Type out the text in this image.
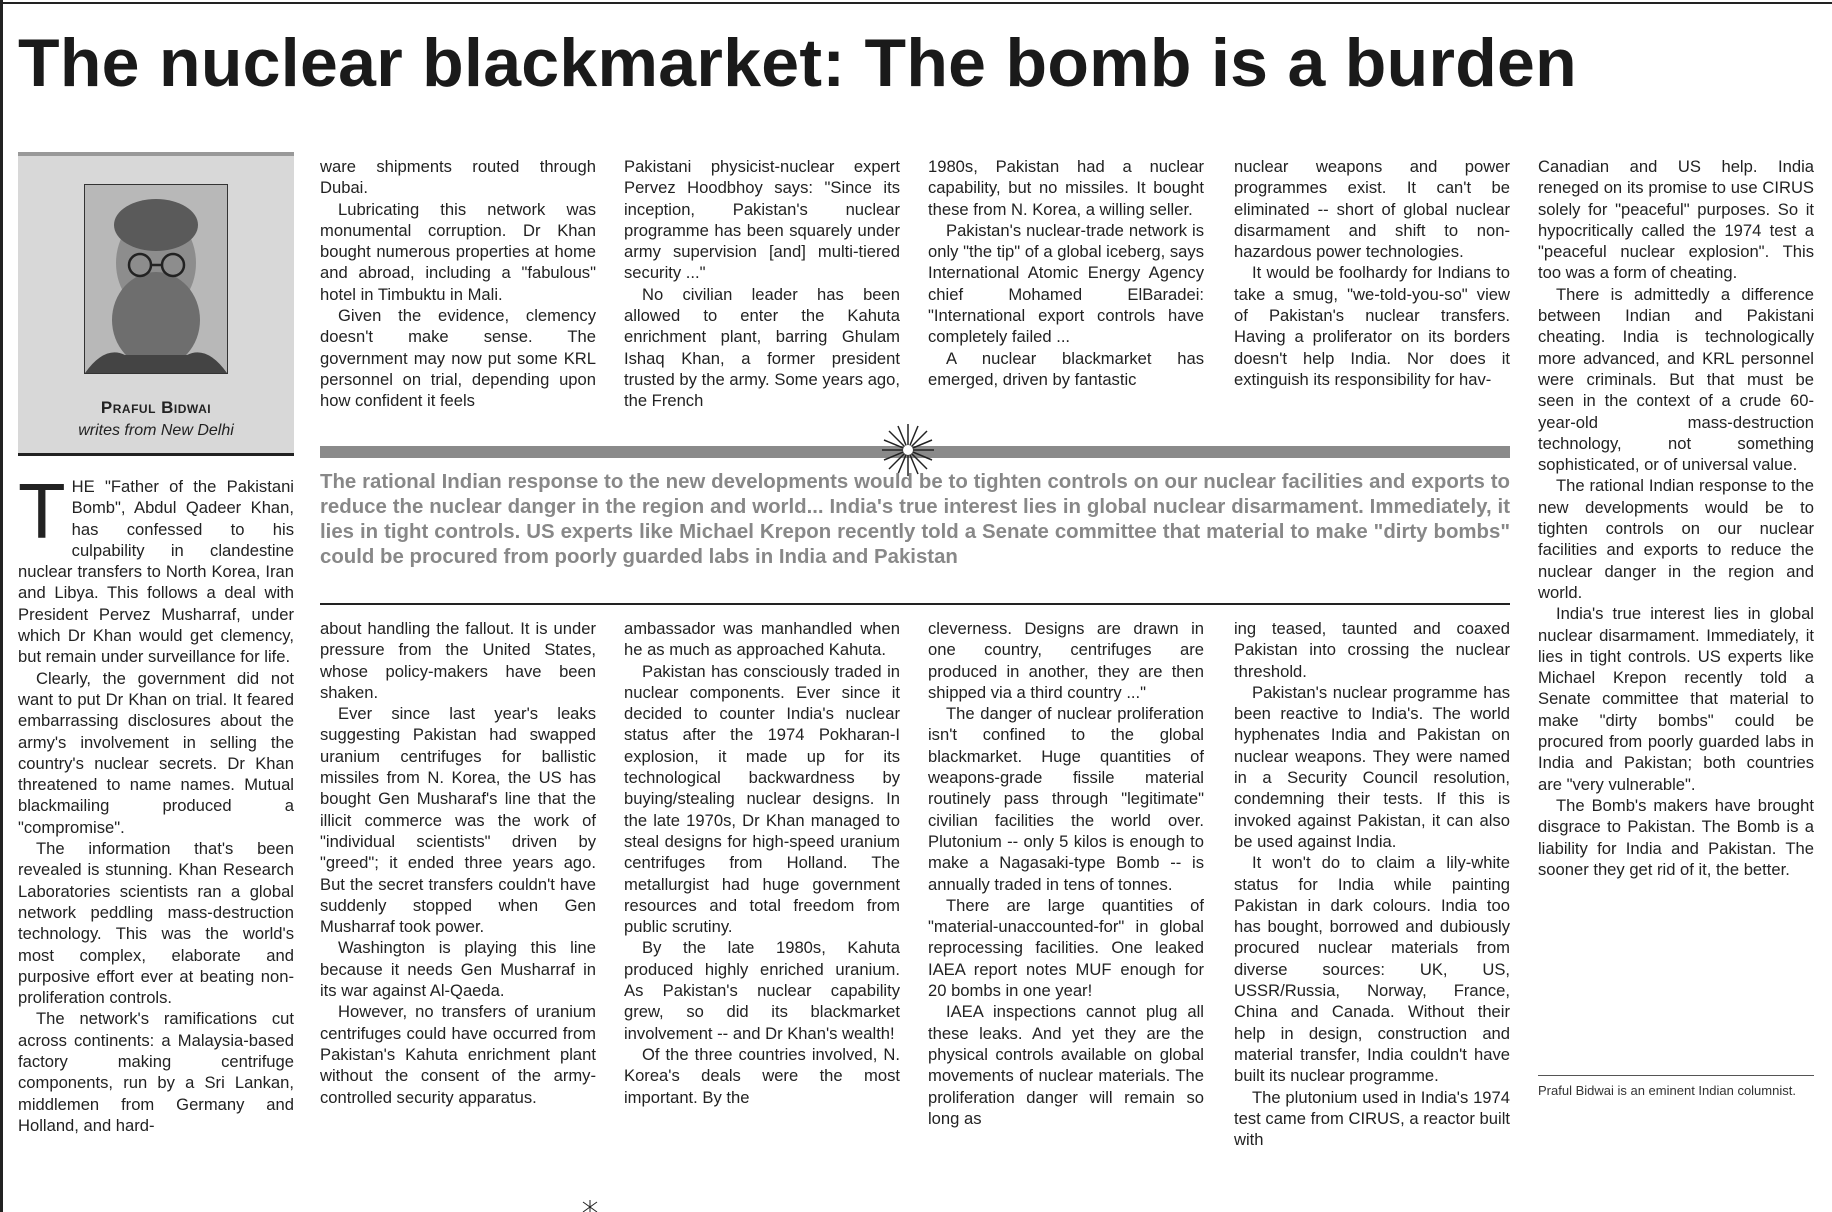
The nuclear blackmarket: The bomb is a burden
Praful Bidwai
writes from New Delhi

THE "Father of the Pakistani Bomb", Abdul Qadeer Khan, has confessed to his culpability in clandestine nuclear transfers to North Korea, Iran and Libya. This follows a deal with President Pervez Musharraf, under which Dr Khan would get clemency, but remain under surveillance for life.

Clearly, the government did not want to put Dr Khan on trial. It feared embarrassing disclosures about the army's involvement in selling the country's nuclear secrets. Dr Khan threatened to name names. Mutual blackmailing produced a "compromise".

The information that's been revealed is stunning. Khan Research Laboratories scientists ran a global network peddling mass-destruction technology. This was the world's most complex, elaborate and purposive effort ever at beating non-proliferation controls.

The network's ramifications cut across continents: a Malaysia-based factory making centrifuge components, run by a Sri Lankan, middlemen from Germany and Holland, and hard-

ware shipments routed through Dubai.

Lubricating this network was monumental corruption. Dr Khan bought numerous properties at home and abroad, including a "fabulous" hotel in Timbuktu in Mali.

Given the evidence, clemency doesn't make sense. The government may now put some KRL personnel on trial, depending upon how confident it feels

Pakistani physicist-nuclear expert Pervez Hoodbhoy says: "Since its inception, Pakistan's nuclear programme has been squarely under army supervision [and] multi-tiered security ..."

No civilian leader has been allowed to enter the Kahuta enrichment plant, barring Ghulam Ishaq Khan, a former president trusted by the army. Some years ago, the French

1980s, Pakistan had a nuclear capability, but no missiles. It bought these from N. Korea, a willing seller.

Pakistan's nuclear-trade network is only "the tip" of a global iceberg, says International Atomic Energy Agency chief Mohamed ElBaradei: "International export controls have completely failed ...

A nuclear blackmarket has emerged, driven by fantastic

nuclear weapons and power programmes exist. It can't be eliminated -- short of global nuclear disarmament and shift to non-hazardous power technologies.

It would be foolhardy for Indians to take a smug, "we-told-you-so" view of Pakistan's nuclear transfers. Having a proliferator on its borders doesn't help India. Nor does it extinguish its responsibility for hav-

The rational Indian response to the new developments would be to tighten controls on our nuclear facilities and exports to reduce the nuclear danger in the region and world... India's true interest lies in global nuclear disarmament. Immediately, it lies in tight controls. US experts like Michael Krepon recently told a Senate committee that material to make "dirty bombs" could be procured from poorly guarded labs in India and Pakistan

about handling the fallout. It is under pressure from the United States, whose policy-makers have been shaken.

Ever since last year's leaks suggesting Pakistan had swapped uranium centrifuges for ballistic missiles from N. Korea, the US has bought Gen Musharaf's line that the illicit commerce was the work of "individual scientists" driven by "greed"; it ended three years ago. But the secret transfers couldn't have suddenly stopped when Gen Musharraf took power.

Washington is playing this line because it needs Gen Musharraf in its war against Al-Qaeda.

However, no transfers of uranium centrifuges could have occurred from Pakistan's Kahuta enrichment plant without the consent of the army-controlled security apparatus.

ambassador was manhandled when he as much as approached Kahuta.

Pakistan has consciously traded in nuclear components. Ever since it decided to counter India's nuclear status after the 1974 Pokharan-I explosion, it made up for its technological backwardness by buying/stealing nuclear designs. In the late 1970s, Dr Khan managed to steal designs for high-speed uranium centrifuges from Holland. The metallurgist had huge government resources and total freedom from public scrutiny.

By the late 1980s, Kahuta produced highly enriched uranium. As Pakistan's nuclear capability grew, so did its blackmarket involvement -- and Dr Khan's wealth!

Of the three countries involved, N. Korea's deals were the most important. By the

cleverness. Designs are drawn in one country, centrifuges are produced in another, they are then shipped via a third country ..."

The danger of nuclear proliferation isn't confined to the global blackmarket. Huge quantities of weapons-grade fissile material routinely pass through "legitimate" civilian facilities the world over. Plutonium -- only 5 kilos is enough to make a Nagasaki-type Bomb -- is annually traded in tens of tonnes.

There are large quantities of "material-unaccounted-for" in global reprocessing facilities. One leaked IAEA report notes MUF enough for 20 bombs in one year!

IAEA inspections cannot plug all these leaks. And yet they are the physical controls available on global movements of nuclear materials. The proliferation danger will remain so long as

ing teased, taunted and coaxed Pakistan into crossing the nuclear threshold.

Pakistan's nuclear programme has been reactive to India's. The world hyphenates India and Pakistan on nuclear weapons. They were named in a Security Council resolution, condemning their tests. If this is invoked against Pakistan, it can also be used against India.

It won't do to claim a lily-white status for India while painting Pakistan in dark colours. India too has bought, borrowed and dubiously procured nuclear materials from diverse sources: UK, US, USSR/Russia, Norway, France, China and Canada. Without their help in design, construction and material transfer, India couldn't have built its nuclear programme.

The plutonium used in India's 1974 test came from CIRUS, a reactor built with

Canadian and US help. India reneged on its promise to use CIRUS solely for "peaceful" purposes. So it hypocritically called the 1974 test a "peaceful nuclear explosion". This too was a form of cheating.

There is admittedly a difference between Indian and Pakistani cheating. India is technologically more advanced, and KRL personnel were criminals. But that must be seen in the context of a crude 60-year-old mass-destruction technology, not something sophisticated, or of universal value.

The rational Indian response to the new developments would be to tighten controls on our nuclear facilities and exports to reduce the nuclear danger in the region and world.

India's true interest lies in global nuclear disarmament. Immediately, it lies in tight controls. US experts like Michael Krepon recently told a Senate committee that material to make "dirty bombs" could be procured from poorly guarded labs in India and Pakistan; both countries are "very vulnerable".

The Bomb's makers have brought disgrace to Pakistan. The Bomb is a liability for India and Pakistan. The sooner they get rid of it, the better.

Praful Bidwai is an eminent Indian columnist.
